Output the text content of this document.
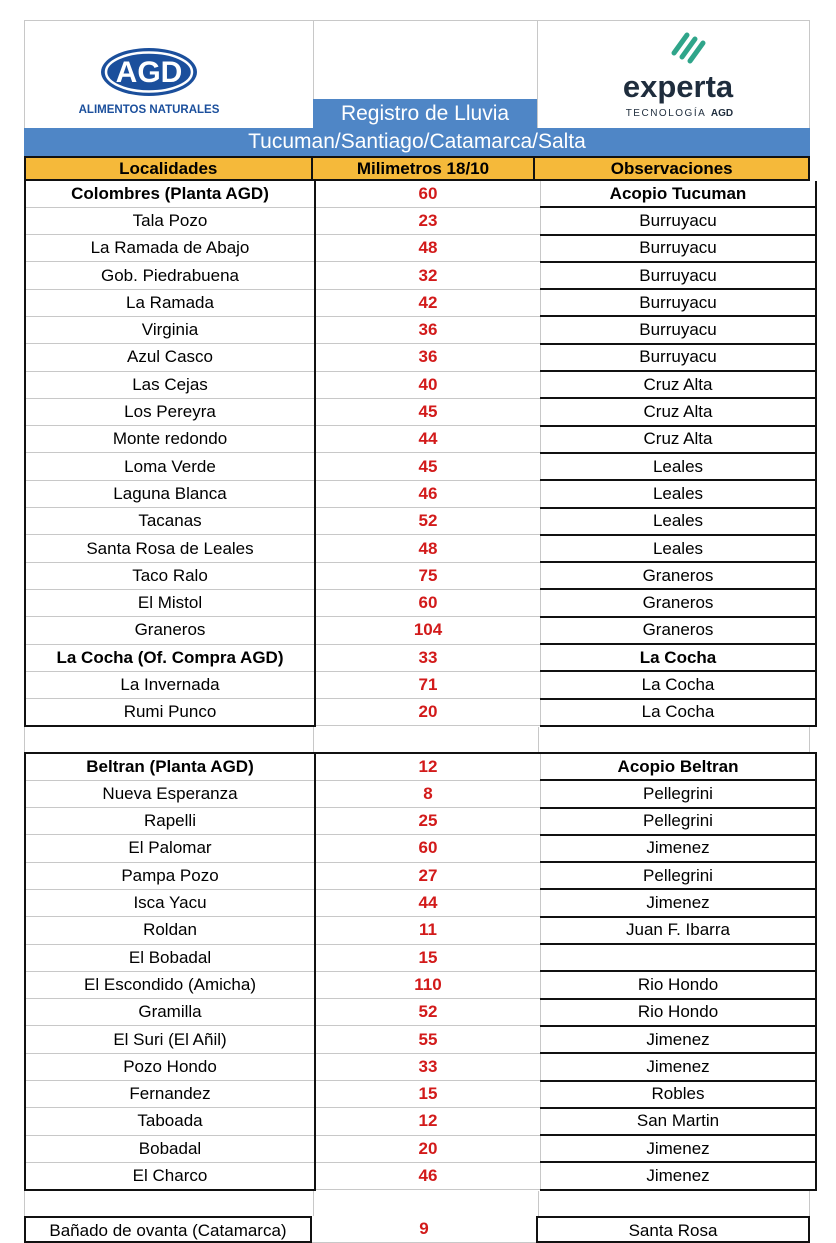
AGD
ALIMENTOS NATURALES	Registro de Lluvia
experta
TECNOLOGÍA AGD
Tucuman/Santiago/Catamarca/Salta
Localidades	Milimetros 18/10	Observaciones
Colombres (Planta AGD)	60	Acopio Tucuman
Tala Pozo	23	Burruyacu
La Ramada de Abajo	48	Burruyacu
Gob. Piedrabuena	32	Burruyacu
La Ramada	42	Burruyacu
Virginia	36	Burruyacu
Azul Casco	36	Burruyacu
Las Cejas	40	Cruz Alta
Los Pereyra	45	Cruz Alta
Monte redondo	44	Cruz Alta
Loma Verde	45	Leales
Laguna Blanca	46	Leales
Tacanas	52	Leales
Santa Rosa de Leales	48	Leales
Taco Ralo	75	Graneros
El Mistol	60	Graneros
Graneros	104	Graneros
La Cocha (Of. Compra AGD)	33	La Cocha
La Invernada	71	La Cocha
Rumi Punco	20	La Cocha
Beltran (Planta AGD)	12	Acopio Beltran
Nueva Esperanza	8	Pellegrini
Rapelli	25	Pellegrini
El Palomar	60	Jimenez
Pampa Pozo	27	Pellegrini
Isca Yacu	44	Jimenez
Roldan	11	Juan F. Ibarra
El Bobadal	15	
El Escondido (Amicha)	110	Rio Hondo
Gramilla	52	Rio Hondo
El Suri (El Añil)	55	Jimenez
Pozo Hondo	33	Jimenez
Fernandez	15	Robles
Taboada	12	San Martin
Bobadal	20	Jimenez
El Charco	46	Jimenez
Bañado de ovanta (Catamarca)	9	Santa Rosa
